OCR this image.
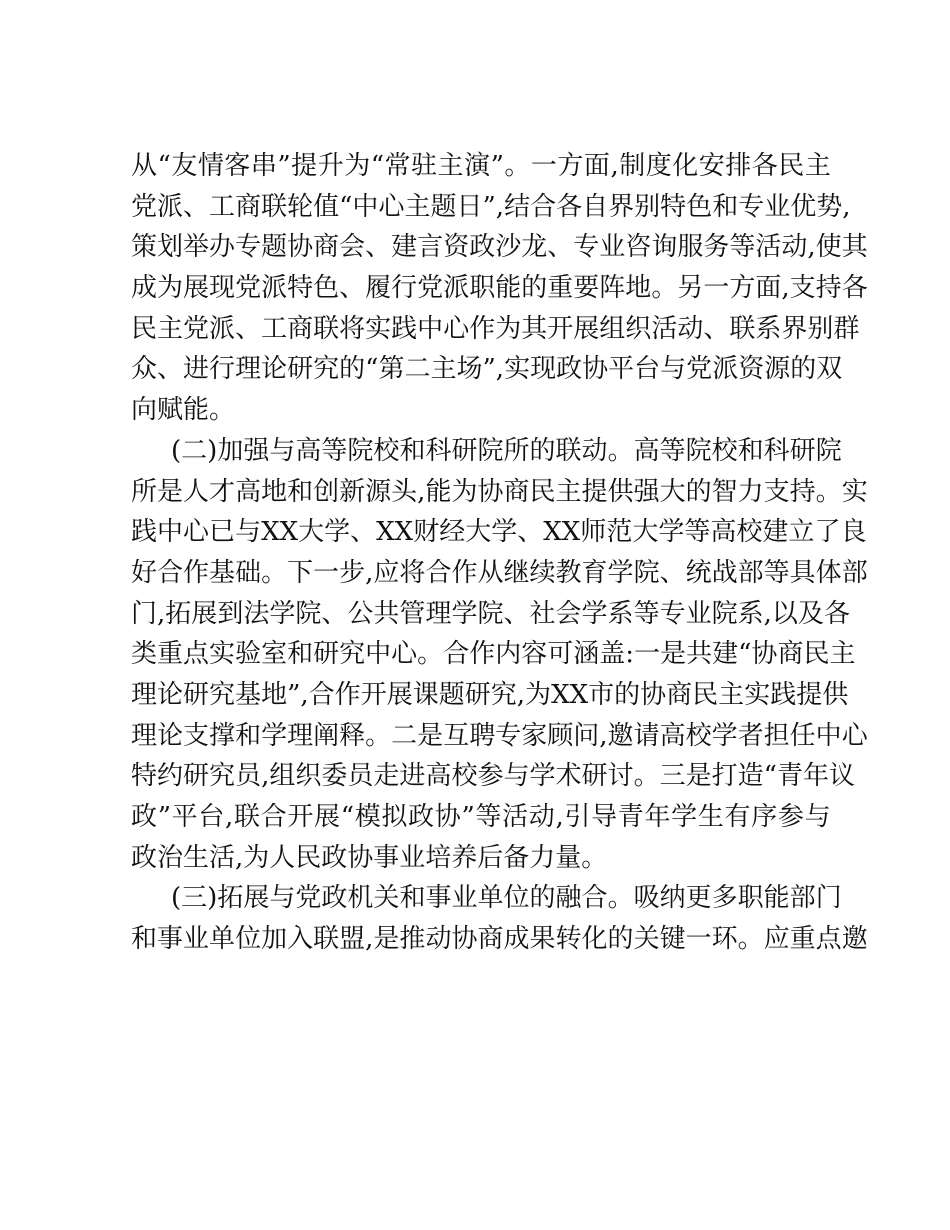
从 “ 友 情 客 串 ” 提 升 为 “ 常 驻 主 演 ” 。 一 方 面 , 制 度 化 安 排 各 民 主
党 派 、 工 商 联 轮 值 “ 中 心 主 题 日 ” , 结 合 各 自 界 别 特 色 和 专 业 优 势 ,
策 划 举 办 专 题 协 商 会 、 建 言 资 政 沙 龙 、 专 业 咨 询 服 务 等 活 动 , 使 其
成 为 展 现 党 派 特 色 、 履 行 党 派 职 能 的 重 要 阵 地 。 另 一 方 面 , 支 持 各
民 主 党 派 、 工 商 联 将 实 践 中 心 作 为 其 开 展 组 织 活 动 、 联 系 界 别 群
众 、 进 行 理 论 研 究 的 “ 第 二 主 场 ” , 实 现 政 协 平 台 与 党 派 资 源 的 双
向赋能。
( 二 ) 加 强 与 高 等 院 校 和 科 研 院 所 的 联 动 。 高 等 院 校 和 科 研 院
所 是 人 才 高 地 和 创 新 源 头 , 能 为 协 商 民 主 提 供 强 大 的 智 力 支 持 。 实
践 中 心 已 与 XX 大 学 、 XX 财 经 大 学 、 XX 师 范 大 学 等 高 校 建 立 了 良
好 合 作 基 础 。 下 一 步 , 应 将 合 作 从 继 续 教 育 学 院 、 统 战 部 等 具 体 部
门 , 拓 展 到 法 学 院 、 公 共 管 理 学 院 、 社 会 学 系 等 专 业 院 系 , 以 及 各
类 重 点 实 验 室 和 研 究 中 心 。 合 作 内 容 可 涵 盖 : 一 是 共 建 “ 协 商 民 主
理 论 研 究 基 地 ” , 合 作 开 展 课 题 研 究 , 为 XX 市 的 协 商 民 主 实 践 提 供
理 论 支 撑 和 学 理 阐 释 。 二 是 互 聘 专 家 顾 问 , 邀 请 高 校 学 者 担 任 中 心
特 约 研 究 员 , 组 织 委 员 走 进 高 校 参 与 学 术 研 讨 。 三 是 打 造 “ 青 年 议
政 ” 平 台 , 联 合 开 展 “ 模 拟 政 协 ” 等 活 动 , 引 导 青 年 学 生 有 序 参 与
政治生活,为人民政协事业培养后备力量。
( 三 ) 拓 展 与 党 政 机 关 和 事 业 单 位 的 融 合 。 吸 纳 更 多 职 能 部 门
和 事 业 单 位 加 入 联 盟 , 是 推 动 协 商 成 果 转 化 的 关 键 一 环 。 应 重 点 邀
